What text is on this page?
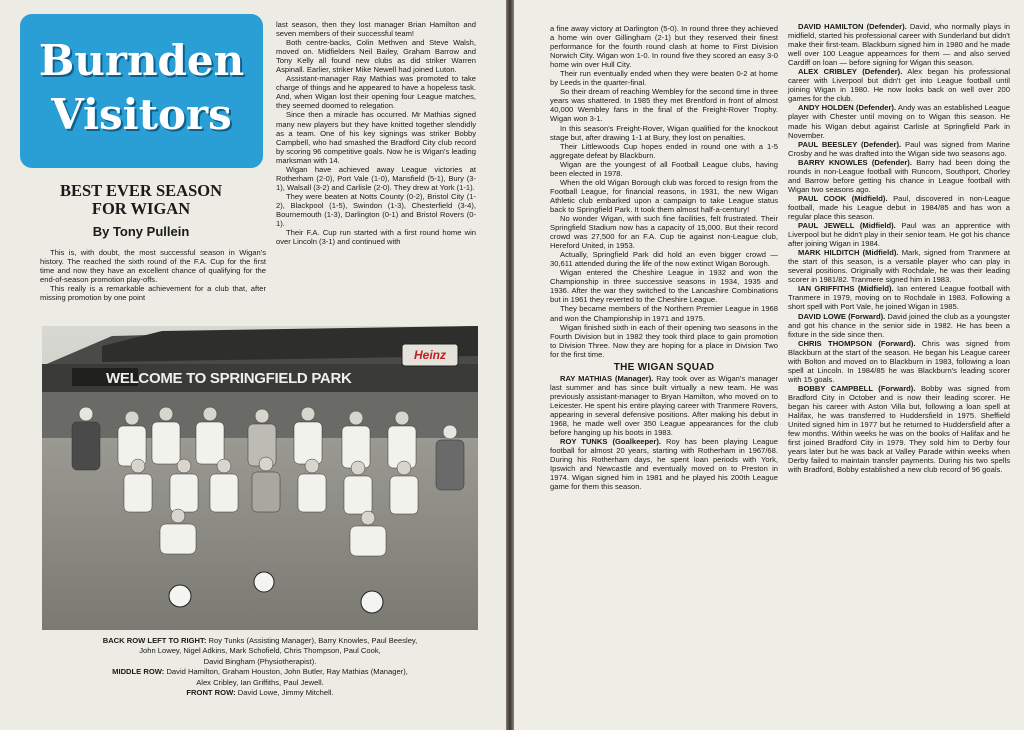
Burnden
Visitors
BEST EVER SEASON
FOR WIGAN
By Tony Pullein

This is, with doubt, the most successful season in Wigan's history. The reached the sixth round of the F.A. Cup for the first time and now they have an excellent chance of qualifying for the end-of-season promotion play-offs.

This really is a remarkable achievement for a club that, after missing promotion by one point

last season, then they lost manager Brian Hamilton and seven members of their successful team!

Both centre-backs, Colin Methven and Steve Walsh, moved on. Midfielders Neil Bailey, Graham Barrow and Tony Kelly all found new clubs as did striker Warren Aspinall. Earlier, striker Mike Newell had joined Luton.

Assistant-manager Ray Mathias was promoted to take charge of things and he appeared to have a hopeless task. And, when Wigan lost their opening four League matches, they seemed doomed to relegation.

Since then a miracle has occurred. Mr Mathias signed many new players but they have knitted together slendidly as a team. One of his key signings was striker Bobby Campbell, who had smashed the Bradford City club record by scoring 96 competitive goals. Now he is Wigan's leading marksman with 14.

Wigan have achieved away League victories at Rotherham (2-0), Port Vale (1-0), Mansfield (5-1), Bury (3-1), Walsall (3-2) and Carlisle (2-0). They drew at York (1-1).

They were beaten at Notts County (0-2), Bristol City (1-2), Blackpool (1-5), Swindon (1-3), Chesterfield (3-4), Bournemouth (1-3), Darlington (0-1) and Bristol Rovers (0-1).

Their F.A. Cup run started with a first round home win over Lincoln (3-1) and continued with

WELCOME TO SPRINGFIELD PARK
Heinz
BACK ROW LEFT TO RIGHT: Roy Tunks (Assisting Manager), Barry Knowles, Paul Beesley,
John Lowey, Nigel Adkins, Mark Schofield, Chris Thompson, Paul Cook,
David Bingham (Physiotherapist).
MIDDLE ROW: David Hamilton, Graham Houston, John Butler, Ray Mathias (Manager),
Alex Cribley, Ian Griffiths, Paul Jewell.
FRONT ROW: David Lowe, Jimmy Mitchell.

a fine away victory at Darlington (5-0). In round three they achieved a home win over Gillingham (2-1) but they reserved their finest performance for the fourth round clash at home to First Division Norwich City. Wigan won 1-0. In round five they scored an easy 3-0 home win over Hull City.

Their run eventually ended when they were beaten 0-2 at home by Leeds in the quarter-final.

So their dream of reaching Wembley for the second time in three years was shattered. In 1985 they met Brentford in front of almost 40,000 Wembley fans in the final of the Freight-Rover Trophy. Wigan won 3-1.

In this season's Freight-Rover, Wigan qualified for the knockout stage but, after drawing 1-1 at Bury, they lost on penalties.

Their Littlewoods Cup hopes ended in round one with a 1-5 aggregate defeat by Blackburn.

Wigan are the youngest of all Football League clubs, having been elected in 1978.

When the old Wigan Borough club was forced to resign from the Football League, for financial reasons, in 1931, the new Wigan Athletic club embarked upon a campaign to take League status back to Springfield Park. It took them almost half-a-century!

No wonder Wigan, with such fine facilities, felt frustrated. Their Springfield Stadium now has a capacity of 15,000. But their record crowd was 27,500 for an F.A. Cup tie against non-League club, Hereford United, in 1953.

Actually, Springfield Park did hold an even bigger crowd — 30,611 attended during the life of the now extinct Wigan Borough.

Wigan entered the Cheshire League in 1932 and won the Championship in three successive seasons in 1934, 1935 and 1936. After the war they switched to the Lancashire Combinations but in 1961 they reverted to the Cheshire League.

They became members of the Northern Premier League in 1968 and won the Championship in 1971 and 1975.

Wigan finished sixth in each of their opening two seasons in the Fourth Division but in 1982 they took third place to gain promotion to Division Three. Now they are hoping for a place in Division Two for the first time.

THE WIGAN SQUAD

RAY MATHIAS (Manager). Ray took over as Wigan's manager last summer and has since built virtually a new team. He was previously assistant-manager to Bryan Hamilton, who moved on to Leicester. He spent his entire playing career with Tranmere Rovers, appearing in several defensive positions. After making his debut in 1968, he made well over 350 League appearances for the club before hanging up his boots in 1983.

ROY TUNKS (Goalkeeper). Roy has been playing League football for almost 20 years, starting with Rotherham in 1967/68. During his Rotherham days, he spent loan periods with York, Ipswich and Newcastle and eventually moved on to Preston in 1974. Wigan signed him in 1981 and he played his 200th League game for them this season.

DAVID HAMILTON (Defender). David, who normally plays in midfield, started his professional career with Sunderland but didn't make their first-team. Blackburn signed him in 1980 and he made well over 100 League appearnces for them — and also served Cardiff on loan — before signing for Wigan this season.

ALEX CRIBLEY (Defender). Alex began his professional career with Liverpool but didn't get into League football until joining Wigan in 1980. He now looks back on well over 200 games for the club.

ANDY HOLDEN (Defender). Andy was an established League player with Chester until moving on to Wigan this season. He made his Wigan debut against Carlisle at Springfield Park in November.

PAUL BEESLEY (Defender). Paul was signed from Marine Crosby and he was drafted into the Wigan side two seasons ago.

BARRY KNOWLES (Defender). Barry had been doing the rounds in non-League football with Runcorn, Southport, Chorley and Barrow before getting his chance in League football with Wigan two seasons ago.

PAUL COOK (Midfield). Paul, discovered in non-League football, made his League debut in 1984/85 and has won a regular place this season.

PAUL JEWELL (Midfield). Paul was an apprentice with Liverpool but he didn't play in their senior team. He got his chance after joining Wigan in 1984.

MARK HILDITCH (Midfield). Mark, signed from Tranmere at the start of this season, is a versatile player who can play in several positions. Originally with Rochdale, he was their leading scorer in 1981/82. Tranmere signed him in 1983.

IAN GRIFFITHS (Midfield). Ian entered League football with Tranmere in 1979, moving on to Rochdale in 1983. Following a short spell with Port Vale, he joined Wigan in 1985.

DAVID LOWE (Forward). David joined the club as a youngster and got his chance in the senior side in 1982. He has been a fixture in the side since then.

CHRIS THOMPSON (Forward). Chris was signed from Blackburn at the start of the season. He began his League career with Bolton and moved on to Blackburn in 1983, following a loan spell at Lincoln. In 1984/85 he was Blackburn's leading scorer with 15 goals.

BOBBY CAMPBELL (Forward). Bobby was signed from Bradford City in October and is now their leading scorer. He began his career with Aston Villa but, following a loan spell at Halifax, he was transferred to Huddersfield in 1975. Sheffield United signed him in 1977 but he returned to Huddersfield after a few months. Within weeks he was on the books of Halifax and he first joined Bradford City in 1979. They sold him to Derby four years later but he was back at Valley Parade within weeks when Derby failed to maintain transfer payments. During his two spells with Bradford, Bobby established a new club record of 96 goals.
